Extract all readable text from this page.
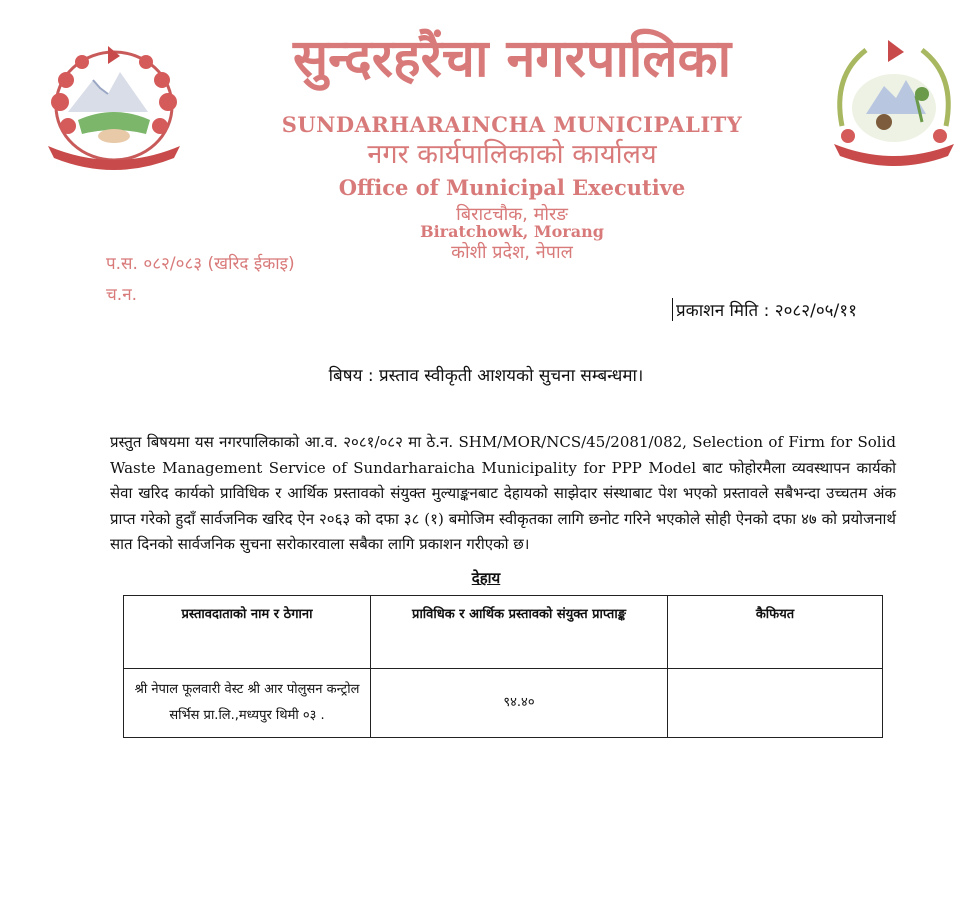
सुन्दरहरैंचा नगरपालिका
SUNDARHARAINCHA MUNICIPALITY
नगर कार्यपालिकाको कार्यालय
Office of Municipal Executive
बिराटचौक, मोरङ
Biratchowk, Morang
कोशी प्रदेश, नेपाल
प.स. ०८२/०८३ (खरिद ईकाइ)
च.न.
प्रकाशन मिति : २०८२/०५/११
बिषय : प्रस्ताव स्वीकृती आशयको सुचना सम्बन्धमा।
प्रस्तुत बिषयमा यस नगरपालिकाको आ.व. २०८१/०८२ मा ठे.न. SHM/MOR/NCS/45/2081/082, Selection of Firm for Solid Waste Management Service of Sundarharaicha Municipality for PPP Model बाट फोहोरमैला व्यवस्थापन कार्यको सेवा खरिद कार्यको प्राविधिक र आर्थिक प्रस्तावको संयुक्त मुल्याङ्कनबाट देहायको साझेदार संस्थाबाट पेश भएको प्रस्तावले सबैभन्दा उच्चतम अंक प्राप्त गरेको हुदाँ सार्वजनिक खरिद ऐन २०६३ को दफा ३८ (१) बमोजिम स्वीकृतका लागि छनोट गरिने भएकोले सोही ऐनको दफा ४७ को प्रयोजनार्थ सात दिनको सार्वजनिक सुचना सरोकारवाला सबैका लागि प्रकाशन गरीएको छ।
देहाय
प्रस्तावदाताको नाम र ठेगाना	प्राविधिक र आर्थिक प्रस्तावको संयुक्त प्राप्ताङ्क	कैफियत
श्री नेपाल फूलवारी वेस्ट श्री आर पोलुसन कन्ट्रोल सर्भिस प्रा.लि.,मध्यपुर थिमी ०३ .	९४.४०	
